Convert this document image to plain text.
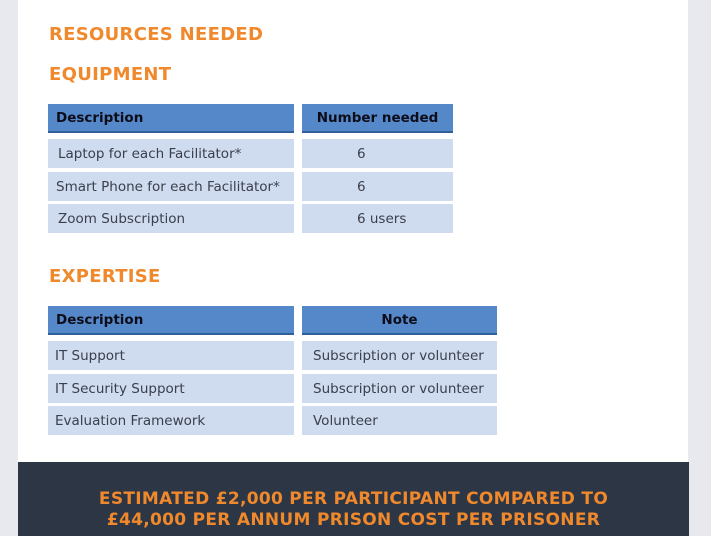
RESOURCES NEEDED
EQUIPMENT
Description	Number needed
Laptop for each Facilitator*	6
Smart Phone for each Facilitator*	6
Zoom Subscription	6 users
EXPERTISE
Description	Note
IT Support	Subscription or volunteer
IT Security Support	Subscription or volunteer
Evaluation Framework	Volunteer
ESTIMATED £2,000 PER PARTICIPANT COMPARED TO
£44,000 PER ANNUM PRISON COST PER PRISONER
